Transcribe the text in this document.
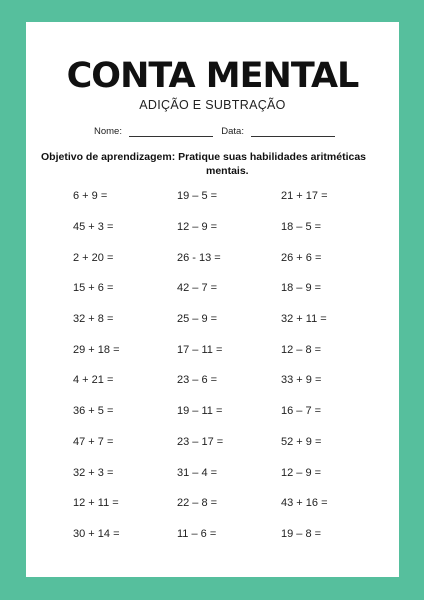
CONTA MENTAL
ADIÇÃO E SUBTRAÇÃO
Nome:	Data:
Objetivo de aprendizagem: Pratique suas habilidades aritméticas
mentais.
6 + 9 =	19 – 5 =	21 + 17 =
45 + 3 =	12 – 9 =	18 – 5 =
2 + 20 =	26 - 13 =	26 + 6 =
15 + 6 =	42 – 7 =	18 – 9 =
32 + 8 =	25 – 9 =	32 + 11 =
29 + 18 =	17 – 11 =	12 – 8 =
4 + 21 =	23 – 6 =	33 + 9 =
36 + 5 =	19 – 11 =	16 – 7 =
47 + 7 =	23 – 17 =	52 + 9 =
32 + 3 =	31 – 4 =	12 – 9 =
12 + 11 =	22 – 8 =	43 + 16 =
30 + 14 =	11 – 6 =	19 – 8 =
